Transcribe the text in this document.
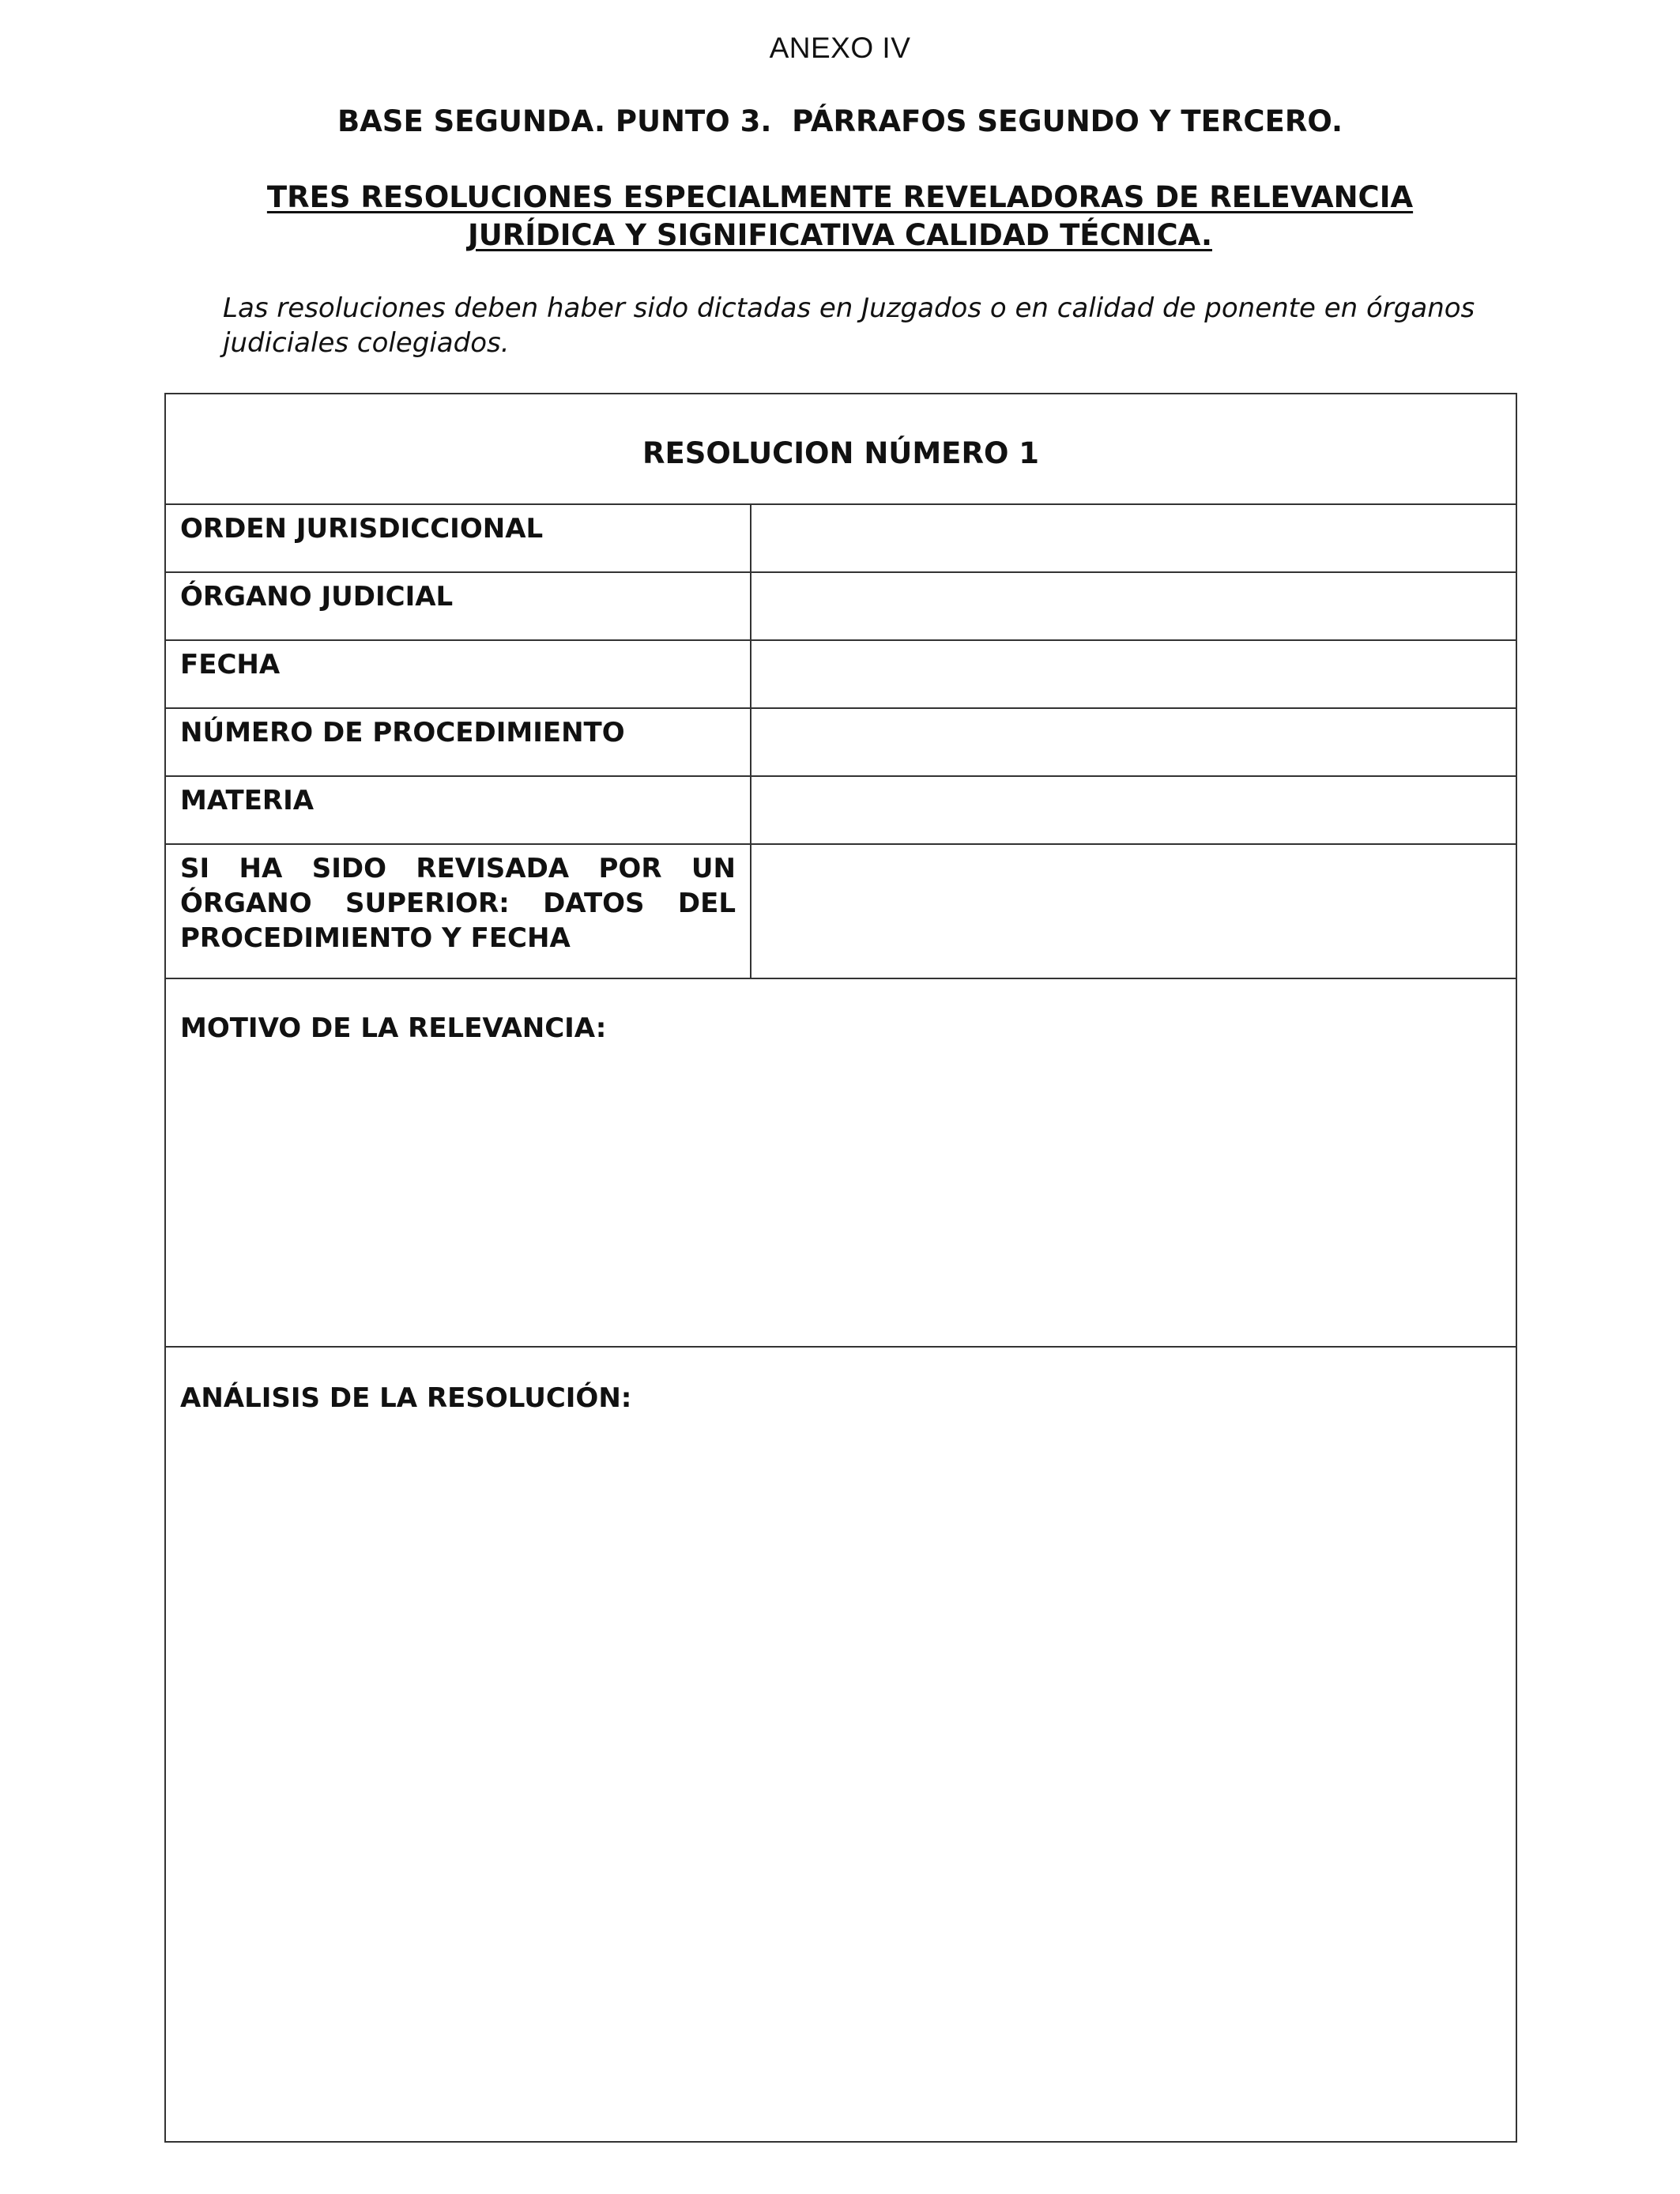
ANEXO IV
BASE SEGUNDA. PUNTO 3.  PÁRRAFOS SEGUNDO Y TERCERO.
TRES RESOLUCIONES ESPECIALMENTE REVELADORAS DE RELEVANCIA
JURÍDICA Y SIGNIFICATIVA CALIDAD TÉCNICA.
Las resoluciones deben haber sido dictadas en Juzgados o en calidad de ponente en órganos judiciales colegiados.
RESOLUCION NÚMERO 1
ORDEN JURISDICCIONAL
ÓRGANO JUDICIAL
FECHA
NÚMERO DE PROCEDIMIENTO
MATERIA
SI HA SIDO REVISADA POR UN ÓRGANO SUPERIOR: DATOS DEL PROCEDIMIENTO Y FECHA
MOTIVO DE LA RELEVANCIA:
ANÁLISIS DE LA RESOLUCIÓN:
